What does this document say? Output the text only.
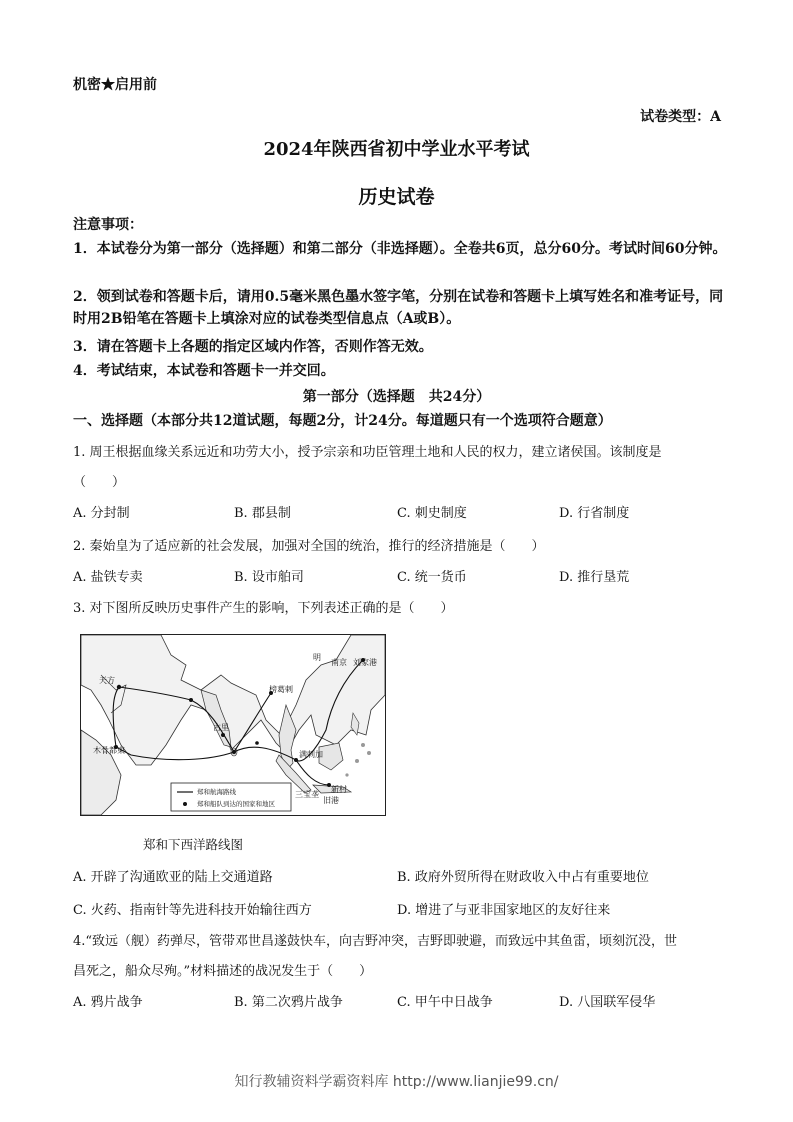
机密★启用前
试卷类型：A
2024年陕西省初中学业水平考试
历史试卷
注意事项：
1．本试卷分为第一部分（选择题）和第二部分（非选择题）。全卷共6页，总分60分。考试时间60分钟。
2．领到试卷和答题卡后，请用0.5毫米黑色墨水签字笔，分别在试卷和答题卡上填写姓名和准考证号，同时用2B铅笔在答题卡上填涂对应的试卷类型信息点（A或B）。
3．请在答题卡上各题的指定区域内作答，否则作答无效。
4．考试结束，本试卷和答题卡一并交回。
第一部分（选择题　共24分）
一、选择题（本部分共12道试题，每题2分，计24分。每道题只有一个选项符合题意）
1. 周王根据血缘关系远近和功劳大小，授予宗亲和功臣管理土地和人民的权力，建立诸侯国。该制度是
（　　）
A. 分封制	B. 郡县制	C. 刺史制度	D. 行省制度
2. 秦始皇为了适应新的社会发展，加强对全国的统治，推行的经济措施是（　　）
A. 盐铁专卖	B. 设市舶司	C. 统一货币	D. 推行垦荒
3. 对下图所反映历史事件产生的影响，下列表述正确的是（　　）
明
南京 刘家港
天方
古里
榜葛剌
木骨都束	满剌加
三宝垄
旧港
新村
郑和航海路线
郑和船队到达的国家和地区
郑和下西洋路线图
A. 开辟了沟通欧亚的陆上交通道路	B. 政府外贸所得在财政收入中占有重要地位
C. 火药、指南针等先进科技开始输往西方	D. 增进了与亚非国家地区的友好往来
4.“致远（舰）药弹尽，管带邓世昌遂鼓快车，向吉野冲突，吉野即驶避，而致远中其鱼雷，顷刻沉没，世
昌死之，船众尽殉。”材料描述的战况发生于（　　）
A. 鸦片战争	B. 第二次鸦片战争	C. 甲午中日战争	D. 八国联军侵华
知行教辅资料学霸资料库 http://www.lianjie99.cn/
